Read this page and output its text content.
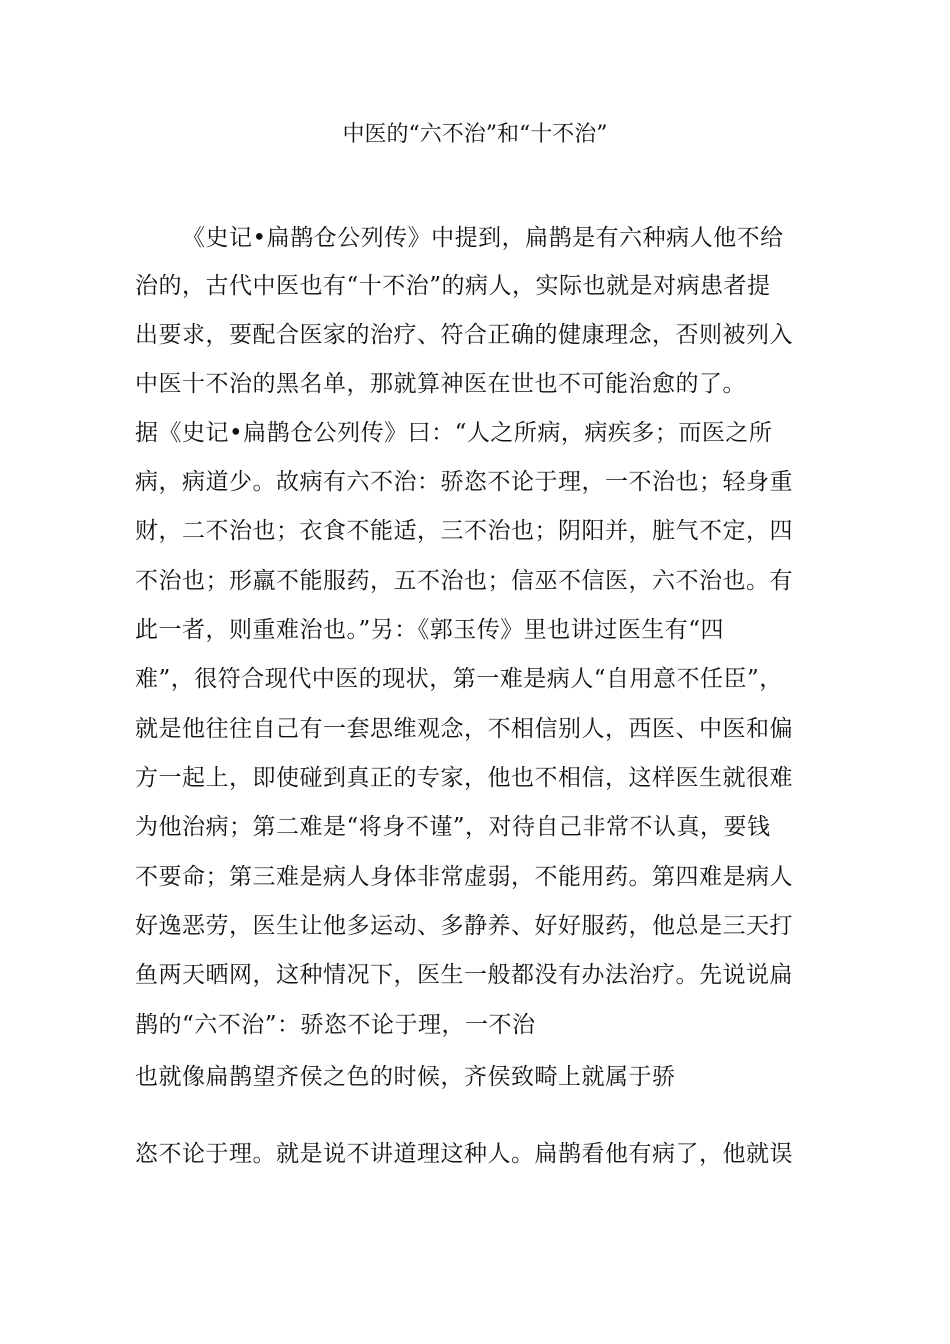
中医的“六不治”和“十不治”
《史记•扁鹊仓公列传》中提到，扁鹊是有六种病人他不给
治的，古代中医也有“十不治”的病人，实际也就是对病患者提
出要求，要配合医家的治疗、符合正确的健康理念，否则被列入
中医十不治的黑名单，那就算神医在世也不可能治愈的了。
据《史记•扁鹊仓公列传》曰：“人之所病，病疾多；而医之所
病，病道少。故病有六不治：骄恣不论于理，一不治也；轻身重
财，二不治也；衣食不能适，三不治也；阴阳并，脏气不定，四
不治也；形羸不能服药，五不治也；信巫不信医，六不治也。有
此一者，则重难治也。”另：《郭玉传》里也讲过医生有“四
难”，很符合现代中医的现状，第一难是病人“自用意不任臣”，
就是他往往自己有一套思维观念，不相信别人，西医、中医和偏
方一起上，即使碰到真正的专家，他也不相信，这样医生就很难
为他治病；第二难是“将身不谨”，对待自己非常不认真，要钱
不要命；第三难是病人身体非常虚弱，不能用药。第四难是病人
好逸恶劳，医生让他多运动、多静养、好好服药，他总是三天打
鱼两天晒网，这种情况下，医生一般都没有办法治疗。先说说扁
鹊的“六不治”：骄恣不论于理，一不治
也就像扁鹊望齐侯之色的时候，齐侯致畸上就属于骄
恣不论于理。就是说不讲道理这种人。扁鹊看他有病了，他就误
